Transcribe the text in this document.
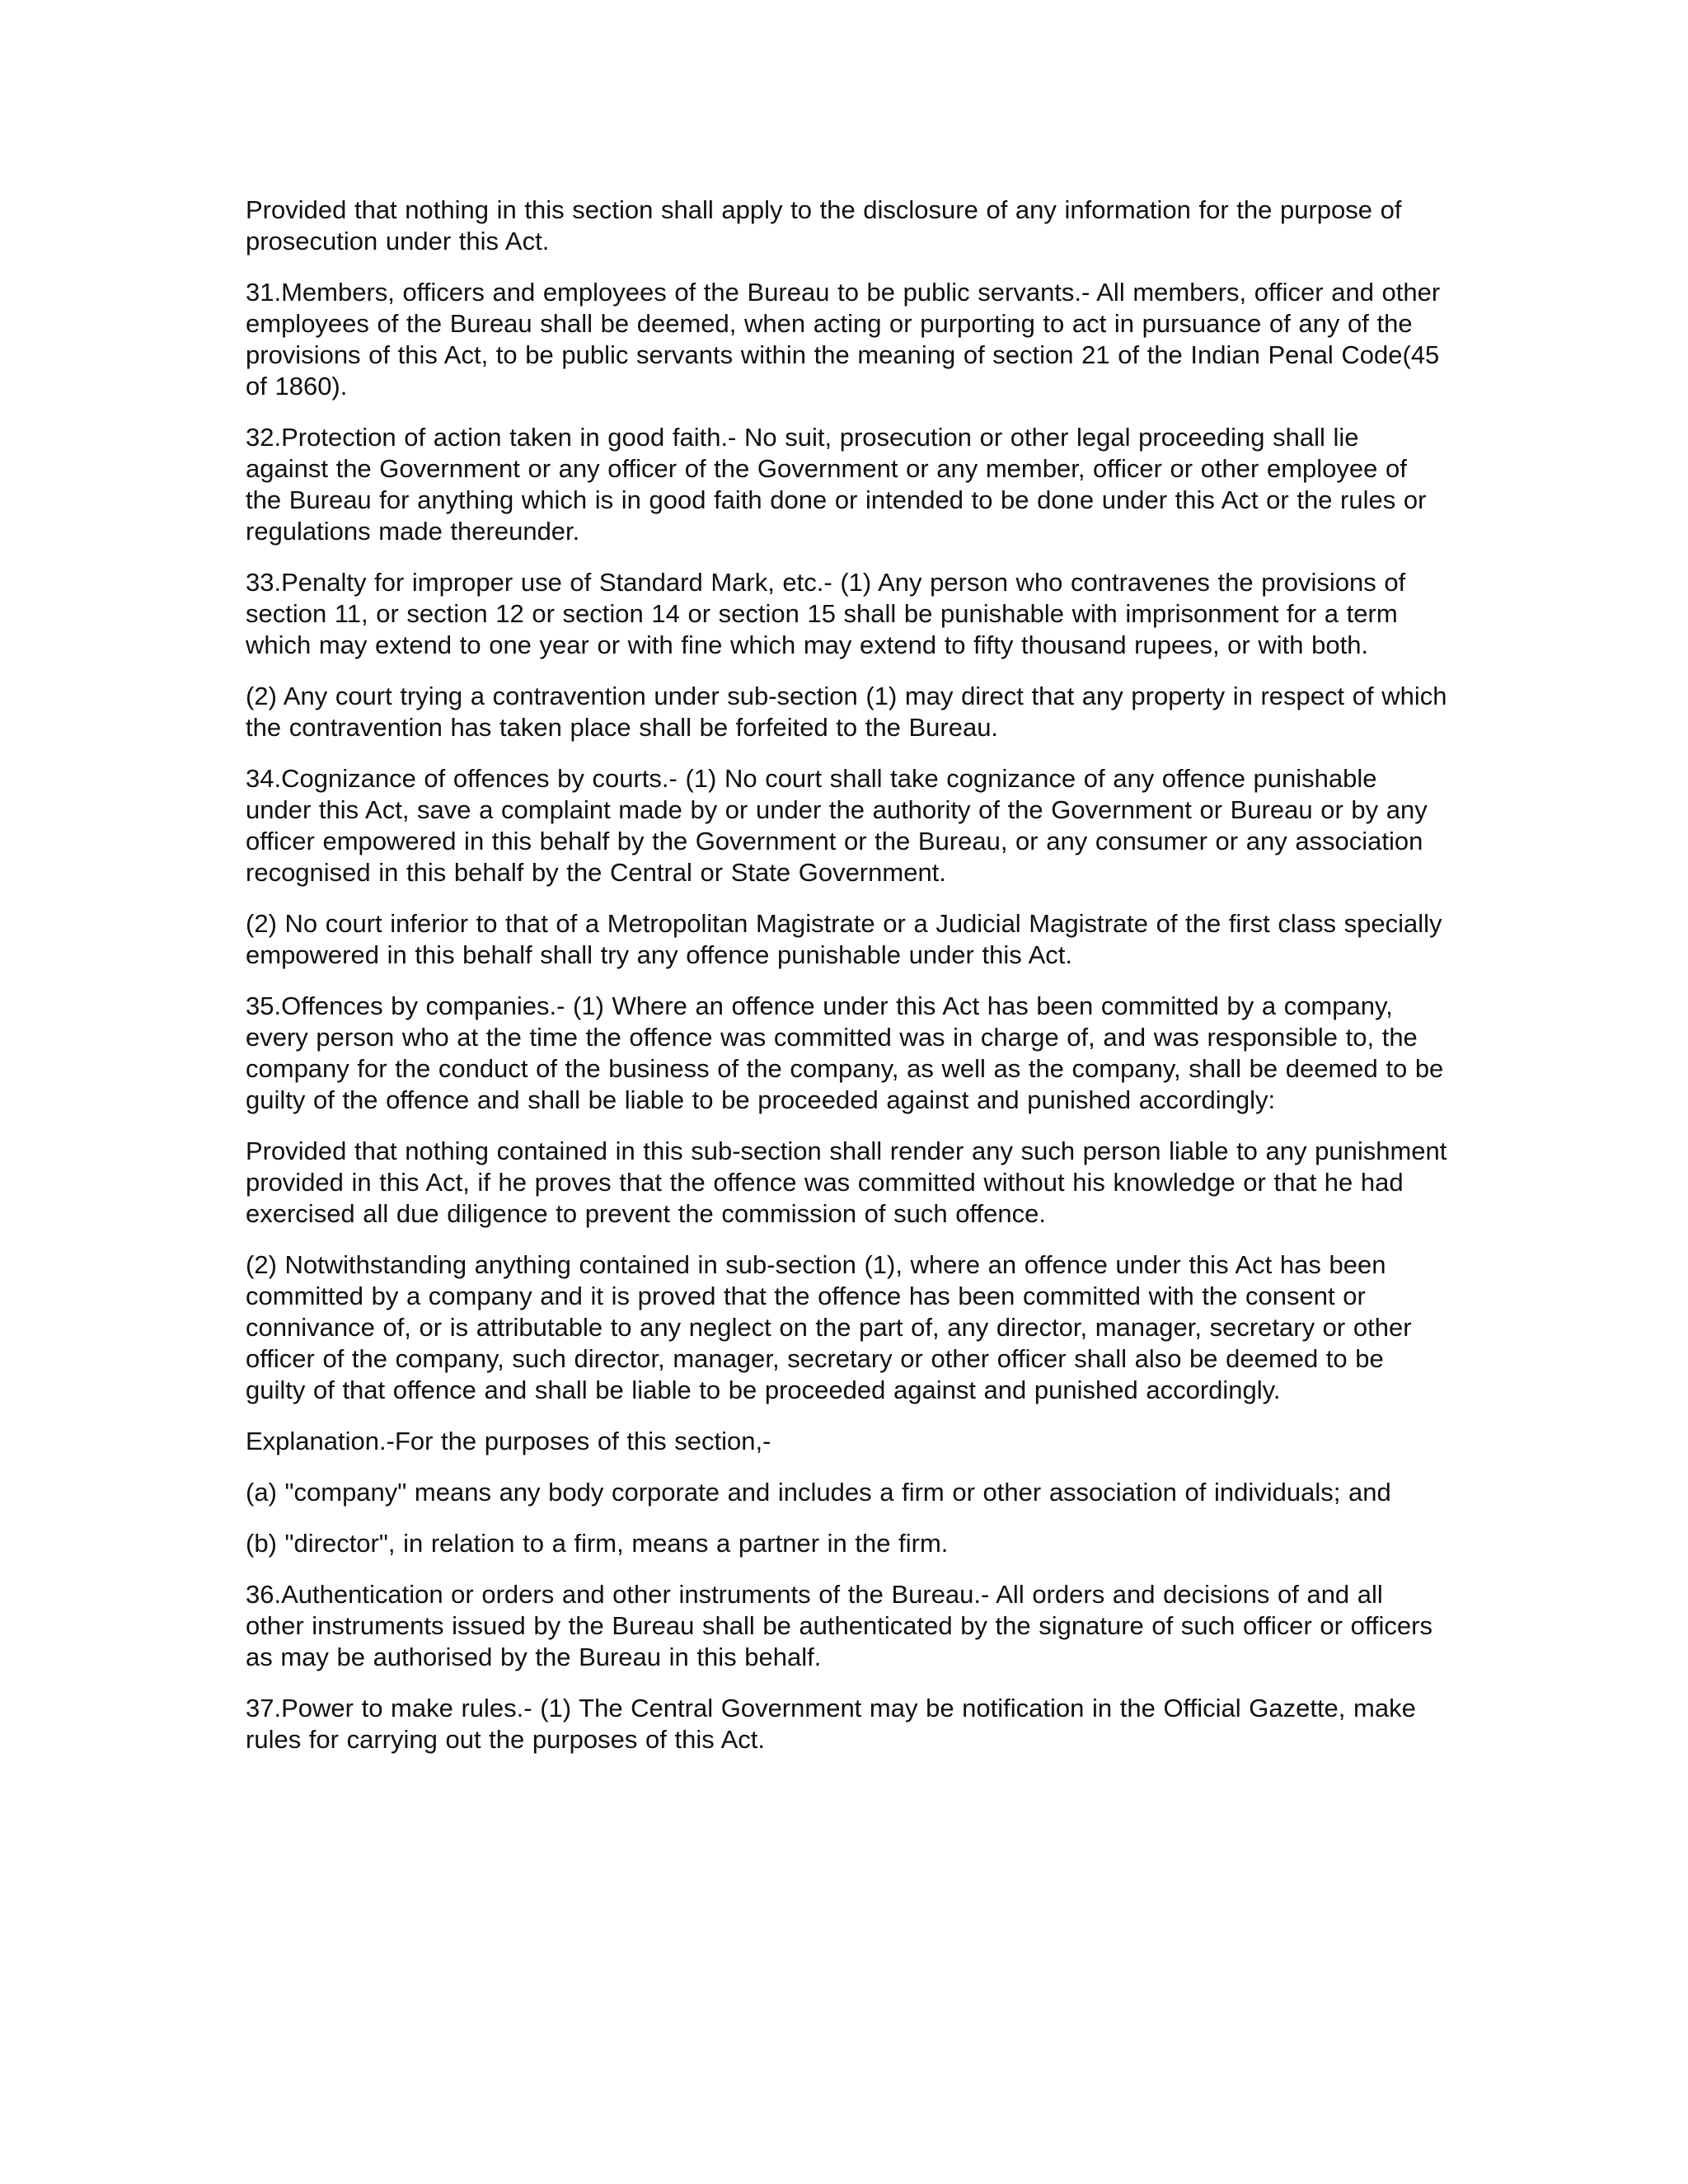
Provided that nothing in this section shall apply to the disclosure of any information for the purpose of prosecution under this Act.

31.Members, officers and employees of the Bureau to be public servants.- All members, officer and other employees of the Bureau shall be deemed, when acting or purporting to act in pursuance of any of the provisions of this Act, to be public servants within the meaning of section 21 of the Indian Penal Code(45 of 1860).

32.Protection of action taken in good faith.- No suit, prosecution or other legal proceeding shall lie against the Government or any officer of the Government or any member, officer or other employee of the Bureau for anything which is in good faith done or intended to be done under this Act or the rules or regulations made thereunder.

33.Penalty for improper use of Standard Mark, etc.- (1) Any person who contravenes the provisions of section 11, or section 12 or section 14 or section 15 shall be punishable with imprisonment for a term which may extend to one year or with fine which may extend to fifty thousand rupees, or with both.

(2) Any court trying a contravention under sub-section (1) may direct that any property in respect of which the contravention has taken place shall be forfeited to the Bureau.

34.Cognizance of offences by courts.- (1) No court shall take cognizance of any offence punishable under this Act, save a complaint made by or under the authority of the Government or Bureau or by any officer empowered in this behalf by the Government or the Bureau, or any consumer or any association recognised in this behalf by the Central or State Government.

(2) No court inferior to that of a Metropolitan Magistrate or a Judicial Magistrate of the first class specially empowered in this behalf shall try any offence punishable under this Act.

35.Offences by companies.- (1) Where an offence under this Act has been committed by a company, every person who at the time the offence was committed was in charge of, and was responsible to, the company for the conduct of the business of the company, as well as the company, shall be deemed to be guilty of the offence and shall be liable to be proceeded against and punished accordingly:

Provided that nothing contained in this sub-section shall render any such person liable to any punishment provided in this Act, if he proves that the offence was committed without his knowledge or that he had exercised all due diligence to prevent the commission of such offence.

(2) Notwithstanding anything contained in sub-section (1), where an offence under this Act has been committed by a company and it is proved that the offence has been committed with the consent or connivance of, or is attributable to any neglect on the part of, any director, manager, secretary or other officer of the company, such director, manager, secretary or other officer shall also be deemed to be guilty of that offence and shall be liable to be proceeded against and punished accordingly.

Explanation.-For the purposes of this section,-

(a) "company" means any body corporate and includes a firm or other association of individuals; and

(b) "director", in relation to a firm, means a partner in the firm.

36.Authentication or orders and other instruments of the Bureau.- All orders and decisions of and all other instruments issued by the Bureau shall be authenticated by the signature of such officer or officers as may be authorised by the Bureau in this behalf.

37.Power to make rules.- (1) The Central Government may be notification in the Official Gazette, make rules for carrying out the purposes of this Act.
